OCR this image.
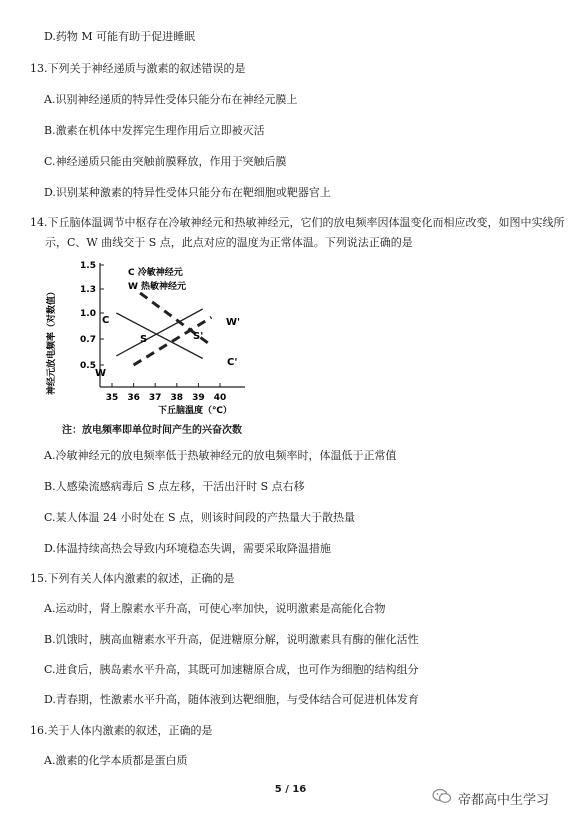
D.药物 M 可能有助于促进睡眠
13.下列关于神经递质与激素的叙述错误的是
A.识别神经递质的特异性受体只能分布在神经元膜上
B.激素在机体中发挥完生理作用后立即被灭活
C.神经递质只能由突触前膜释放，作用于突触后膜
D.识别某种激素的特异性受体只能分布在靶细胞或靶器官上
14.下丘脑体温调节中枢存在冷敏神经元和热敏神经元，它们的放电频率因体温变化而相应改变，如图中实线所
示，C、W 曲线交于 S 点，此点对应的温度为正常体温。下列说法正确的是
1.5
1.3
1.0
0.7
0.5
35 36 37 38 39 40
神经元放电频率（对数值）
下丘脑温度（℃）
C 冷敏神经元
W 热敏神经元
S	S'
C
W
C'
W'
注：放电频率即单位时间产生的兴奋次数
A.冷敏神经元的放电频率低于热敏神经元的放电频率时，体温低于正常值
B.人感染流感病毒后 S 点左移，干活出汗时 S 点右移
C.某人体温 24 小时处在 S 点，则该时间段的产热量大于散热量
D.体温持续高热会导致内环境稳态失调，需要采取降温措施
15.下列有关人体内激素的叙述，正确的是
A.运动时，肾上腺素水平升高，可使心率加快，说明激素是高能化合物
B.饥饿时，胰高血糖素水平升高，促进糖原分解，说明激素具有酶的催化活性
C.进食后，胰岛素水平升高，其既可加速糖原合成，也可作为细胞的结构组分
D.青春期，性激素水平升高，随体液到达靶细胞，与受体结合可促进机体发育
16.关于人体内激素的叙述，正确的是
A.激素的化学本质都是蛋白质
5 / 16
帝都高中生学习
